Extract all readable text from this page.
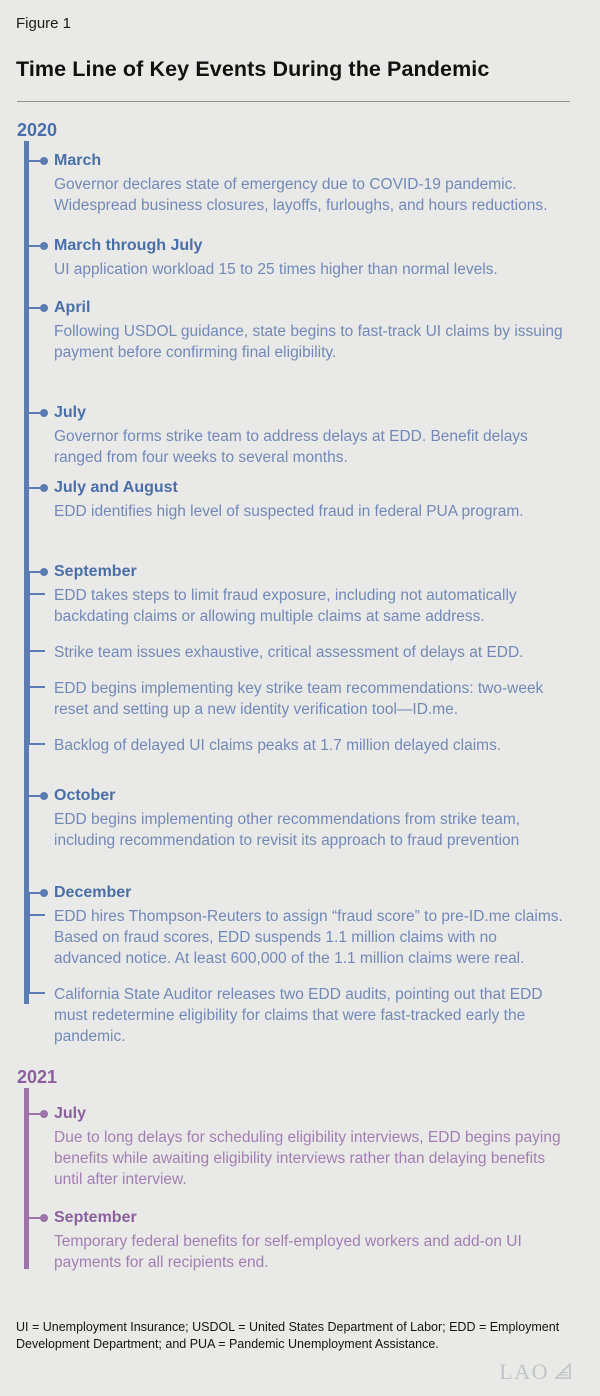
Figure 1
Time Line of Key Events During the Pandemic
2020
March

Governor declares state of emergency due to COVID-19 pandemic. Widespread business closures, layoffs, furloughs, and hours reductions.

March through July

UI application workload 15 to 25 times higher than normal levels.

April

Following USDOL guidance, state begins to fast-track UI claims by issuing payment before confirming final eligibility.

July

Governor forms strike team to address delays at EDD. Benefit delays ranged from four weeks to several months.

July and August

EDD identifies high level of suspected fraud in federal PUA program.

September

EDD takes steps to limit fraud exposure, including not automatically backdating claims or allowing multiple claims at same address.

Strike team issues exhaustive, critical assessment of delays at EDD.

EDD begins implementing key strike team recommendations: two-week reset and setting up a new identity verification tool—ID.me.

Backlog of delayed UI claims peaks at 1.7 million delayed claims.

October

EDD begins implementing other recommendations from strike team, including recommendation to revisit its approach to fraud prevention

December

EDD hires Thompson-Reuters to assign “fraud score” to pre-ID.me claims. Based on fraud scores, EDD suspends 1.1 million claims with no advanced notice. At least 600,000 of the 1.1 million claims were real.

California State Auditor releases two EDD audits, pointing out that EDD must redetermine eligibility for claims that were fast-tracked early the pandemic.

2021
July

Due to long delays for scheduling eligibility interviews, EDD begins paying benefits while awaiting eligibility interviews rather than delaying benefits until after interview.

September

Temporary federal benefits for self-employed workers and add-on UI payments for all recipients end.

UI = Unemployment Insurance; USDOL = United States Department of Labor; EDD = Employment Development Department; and PUA = Pandemic Unemployment Assistance.

LAO
